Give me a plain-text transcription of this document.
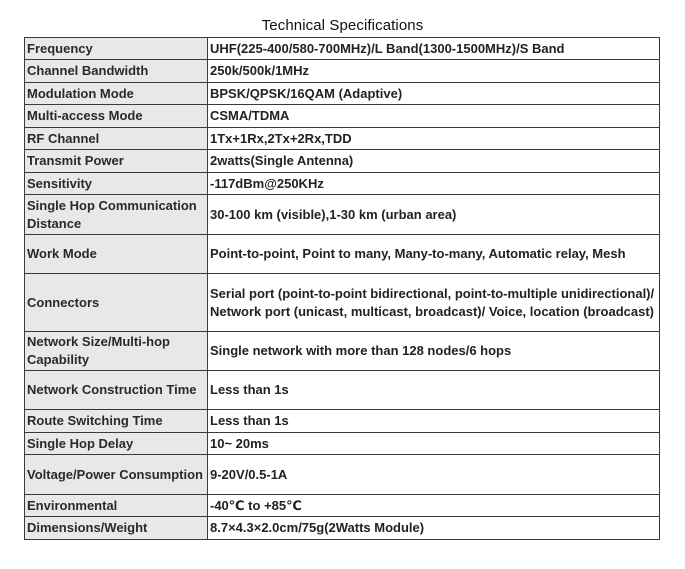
Technical Specifications
Frequency	UHF(225-400/580-700MHz)/L Band(1300-1500MHz)/S Band
Channel Bandwidth	250k/500k/1MHz
Modulation Mode	BPSK/QPSK/16QAM (Adaptive)
Multi-access Mode	CSMA/TDMA
RF Channel	1Tx+1Rx,2Tx+2Rx,TDD
Transmit Power	2watts(Single Antenna)
Sensitivity	-117dBm@250KHz
Single Hop Communication Distance	30-100 km (visible),1-30 km (urban area)
Work Mode	Point-to-point, Point to many, Many-to-many, Automatic relay, Mesh
Connectors	Serial port (point-to-point bidirectional, point-to-multiple unidirectional)/ Network port (unicast, multicast, broadcast)/ Voice, location (broadcast)
Network Size/Multi-hop Capability	Single network with more than 128 nodes/6 hops
Network Construction Time	Less than 1s
Route Switching Time	Less than 1s
Single Hop Delay	10~ 20ms
Voltage/Power Consumption	9-20V/0.5-1A
Environmental	-40℃ to +85℃
Dimensions/Weight	8.7×4.3×2.0cm/75g(2Watts Module)
